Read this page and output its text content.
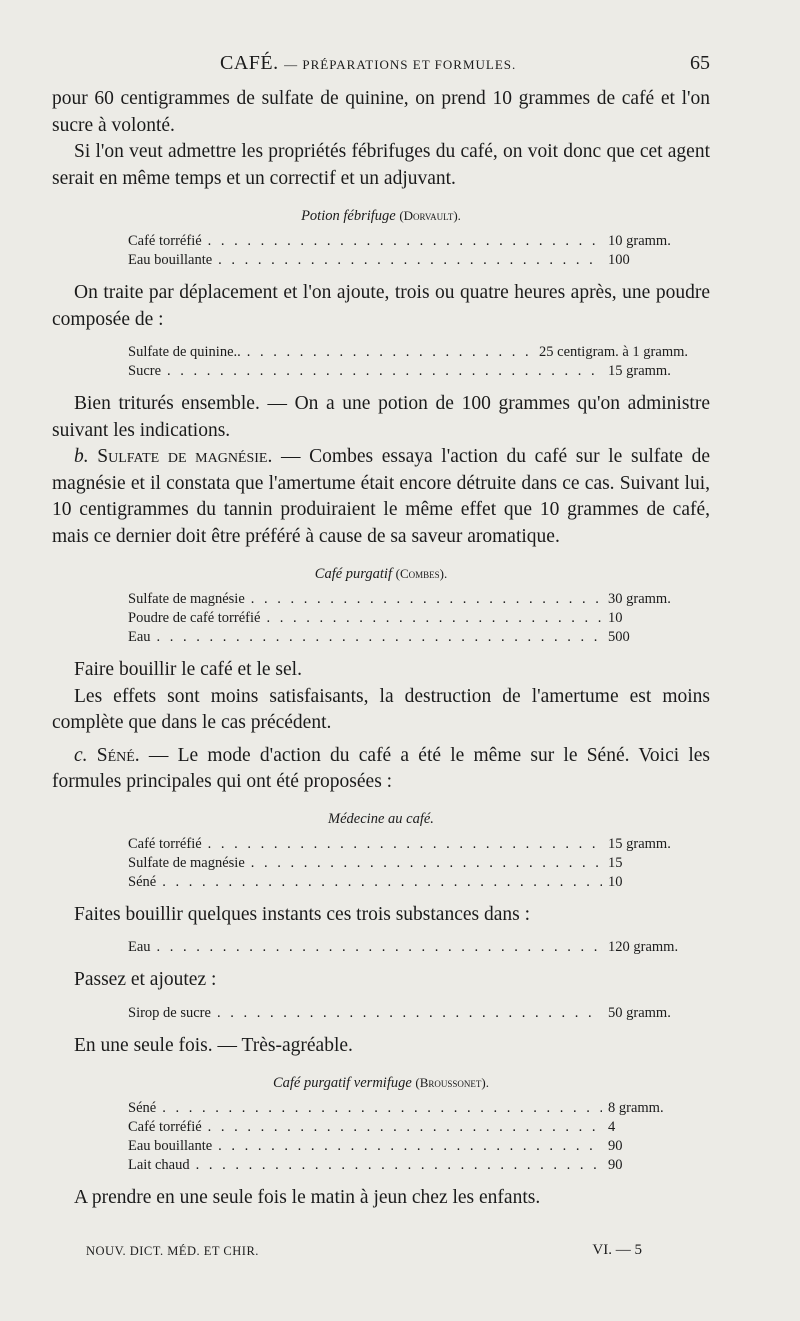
CAFÉ. — PRÉPARATIONS ET FORMULES.	65

pour 60 centigrammes de sulfate de quinine, on prend 10 grammes de café et l'on sucre à volonté.

Si l'on veut admettre les propriétés fébrifuges du café, on voit donc que cet agent serait en même temps et un correctif et un adjuvant.

Potion fébrifuge (Dorvault).
Café torréfié . . .	10 gramm.
Eau bouillante . . .	100

On traite par déplacement et l'on ajoute, trois ou quatre heures après, une poudre composée de :

Sulfate de quinine.. . . .	25 centigram. à 1 gramm.
Sucre . . .	15 gramm.

Bien triturés ensemble. — On a une potion de 100 grammes qu'on administre suivant les indications.

b. Sulfate de magnésie. — Combes essaya l'action du café sur le sulfate de magnésie et il constata que l'amertume était encore détruite dans ce cas. Suivant lui, 10 centigrammes du tannin produiraient le même effet que 10 grammes de café, mais ce dernier doit être préféré à cause de sa saveur aromatique.

Café purgatif (Combes).
Sulfate de magnésie . . .	30 gramm.
Poudre de café torréfié . . .	10
Eau . . .	500

Faire bouillir le café et le sel.

Les effets sont moins satisfaisants, la destruction de l'amertume est moins complète que dans le cas précédent.

c. Séné. — Le mode d'action du café a été le même sur le Séné. Voici les formules principales qui ont été proposées :

Médecine au café.
Café torréfié . . .	15 gramm.
Sulfate de magnésie . . .	15
Séné . . .	10

Faites bouillir quelques instants ces trois substances dans :

Eau . . .	120 gramm.

Passez et ajoutez :

Sirop de sucre . . .	50 gramm.

En une seule fois. — Très-agréable.

Café purgatif vermifuge (Broussonet).
Séné . . .	8 gramm.
Café torréfié . . .	4
Eau bouillante . . .	90
Lait chaud . . .	90

A prendre en une seule fois le matin à jeun chez les enfants.

NOUV. DICT. MÉD. ET CHIR.	VI. — 5
